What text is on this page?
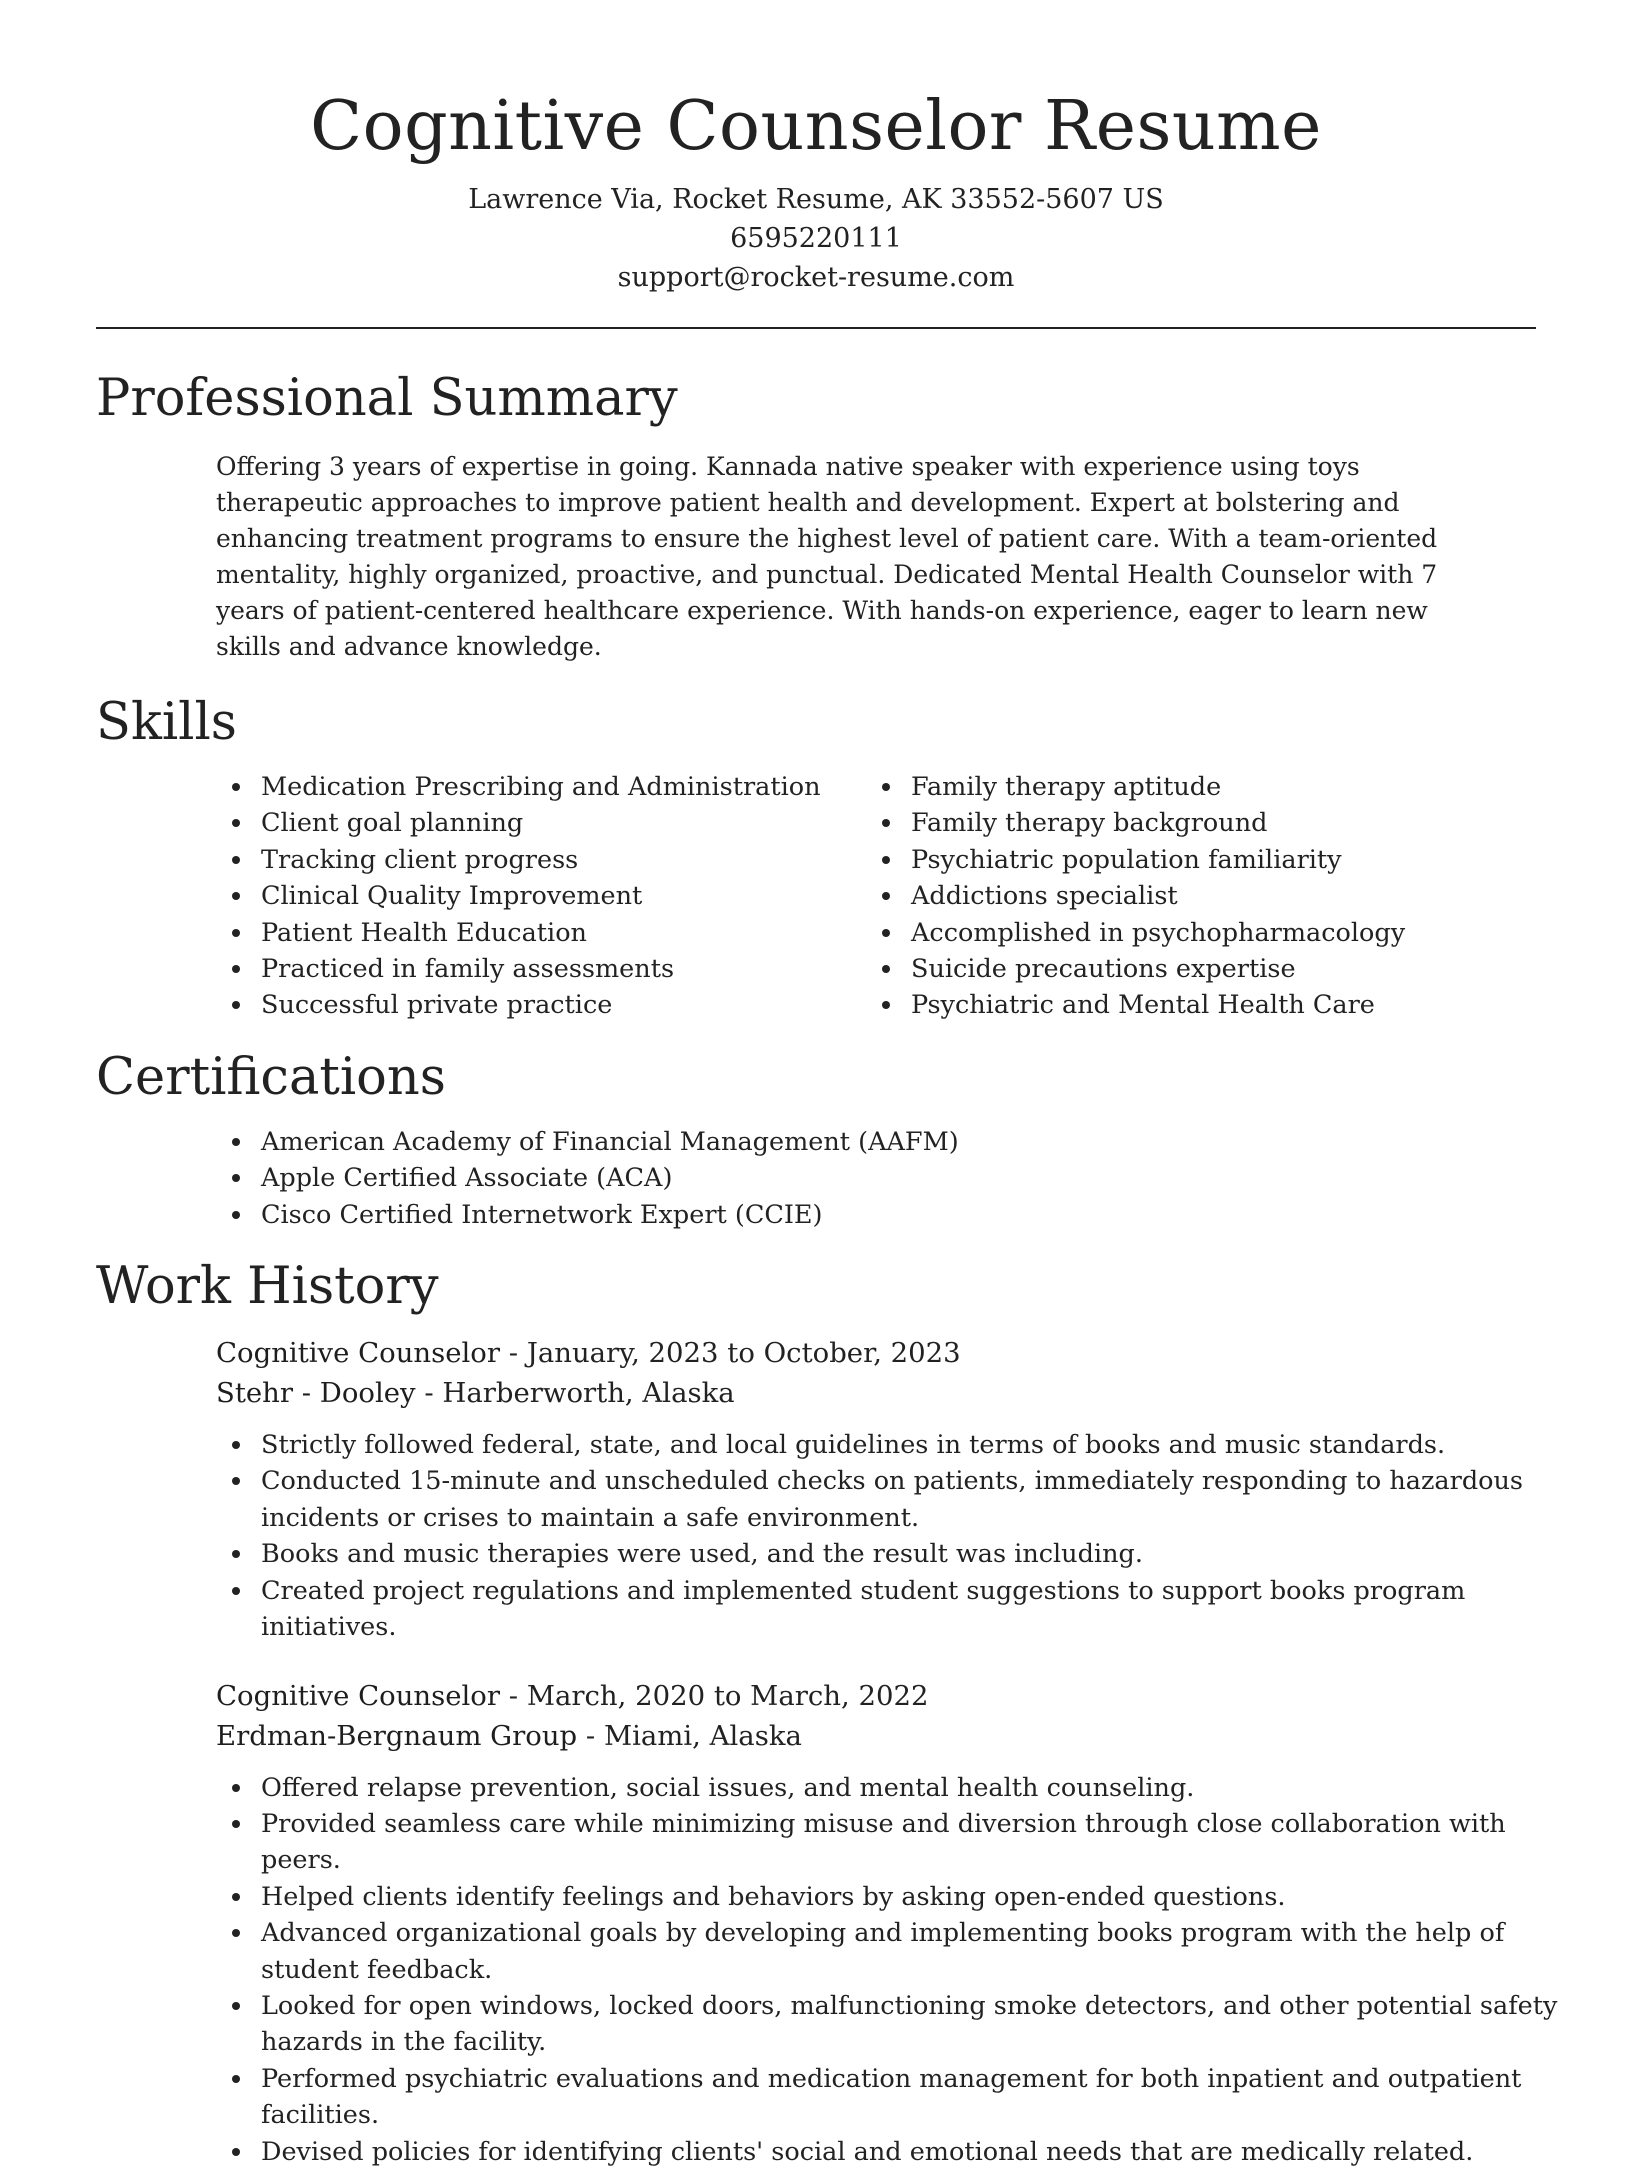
Cognitive Counselor Resume
Lawrence Via, Rocket Resume, AK 33552-5607 US
6595220111
support@rocket-resume.com
Professional Summary

Offering 3 years of expertise in going. Kannada native speaker with experience using toys therapeutic approaches to improve patient health and development. Expert at bolstering and enhancing treatment programs to ensure the highest level of patient care. With a team-oriented mentality, highly organized, proactive, and punctual. Dedicated Mental Health Counselor with 7 years of patient-centered healthcare experience. With hands-on experience, eager to learn new skills and advance knowledge.

Skills
Medication Prescribing and Administration
Client goal planning
Tracking client progress
Clinical Quality Improvement
Patient Health Education
Practiced in family assessments
Successful private practice
Family therapy aptitude
Family therapy background
Psychiatric population familiarity
Addictions specialist
Accomplished in psychopharmacology
Suicide precautions expertise
Psychiatric and Mental Health Care
Certifications
American Academy of Financial Management (AAFM)
Apple Certified Associate (ACA)
Cisco Certified Internetwork Expert (CCIE)
Work History
Cognitive Counselor - January, 2023 to October, 2023
Stehr - Dooley - Harberworth, Alaska
Strictly followed federal, state, and local guidelines in terms of books and music standards.
Conducted 15-minute and unscheduled checks on patients, immediately responding to hazardous incidents or crises to maintain a safe environment.
Books and music therapies were used, and the result was including.
Created project regulations and implemented student suggestions to support books program initiatives.
Cognitive Counselor - March, 2020 to March, 2022
Erdman-Bergnaum Group - Miami, Alaska
Offered relapse prevention, social issues, and mental health counseling.
Provided seamless care while minimizing misuse and diversion through close collaboration with peers.
Helped clients identify feelings and behaviors by asking open-ended questions.
Advanced organizational goals by developing and implementing books program with the help of student feedback.
Looked for open windows, locked doors, malfunctioning smoke detectors, and other potential safety hazards in the facility.
Performed psychiatric evaluations and medication management for both inpatient and outpatient facilities.
Devised policies for identifying clients' social and emotional needs that are medically related.
